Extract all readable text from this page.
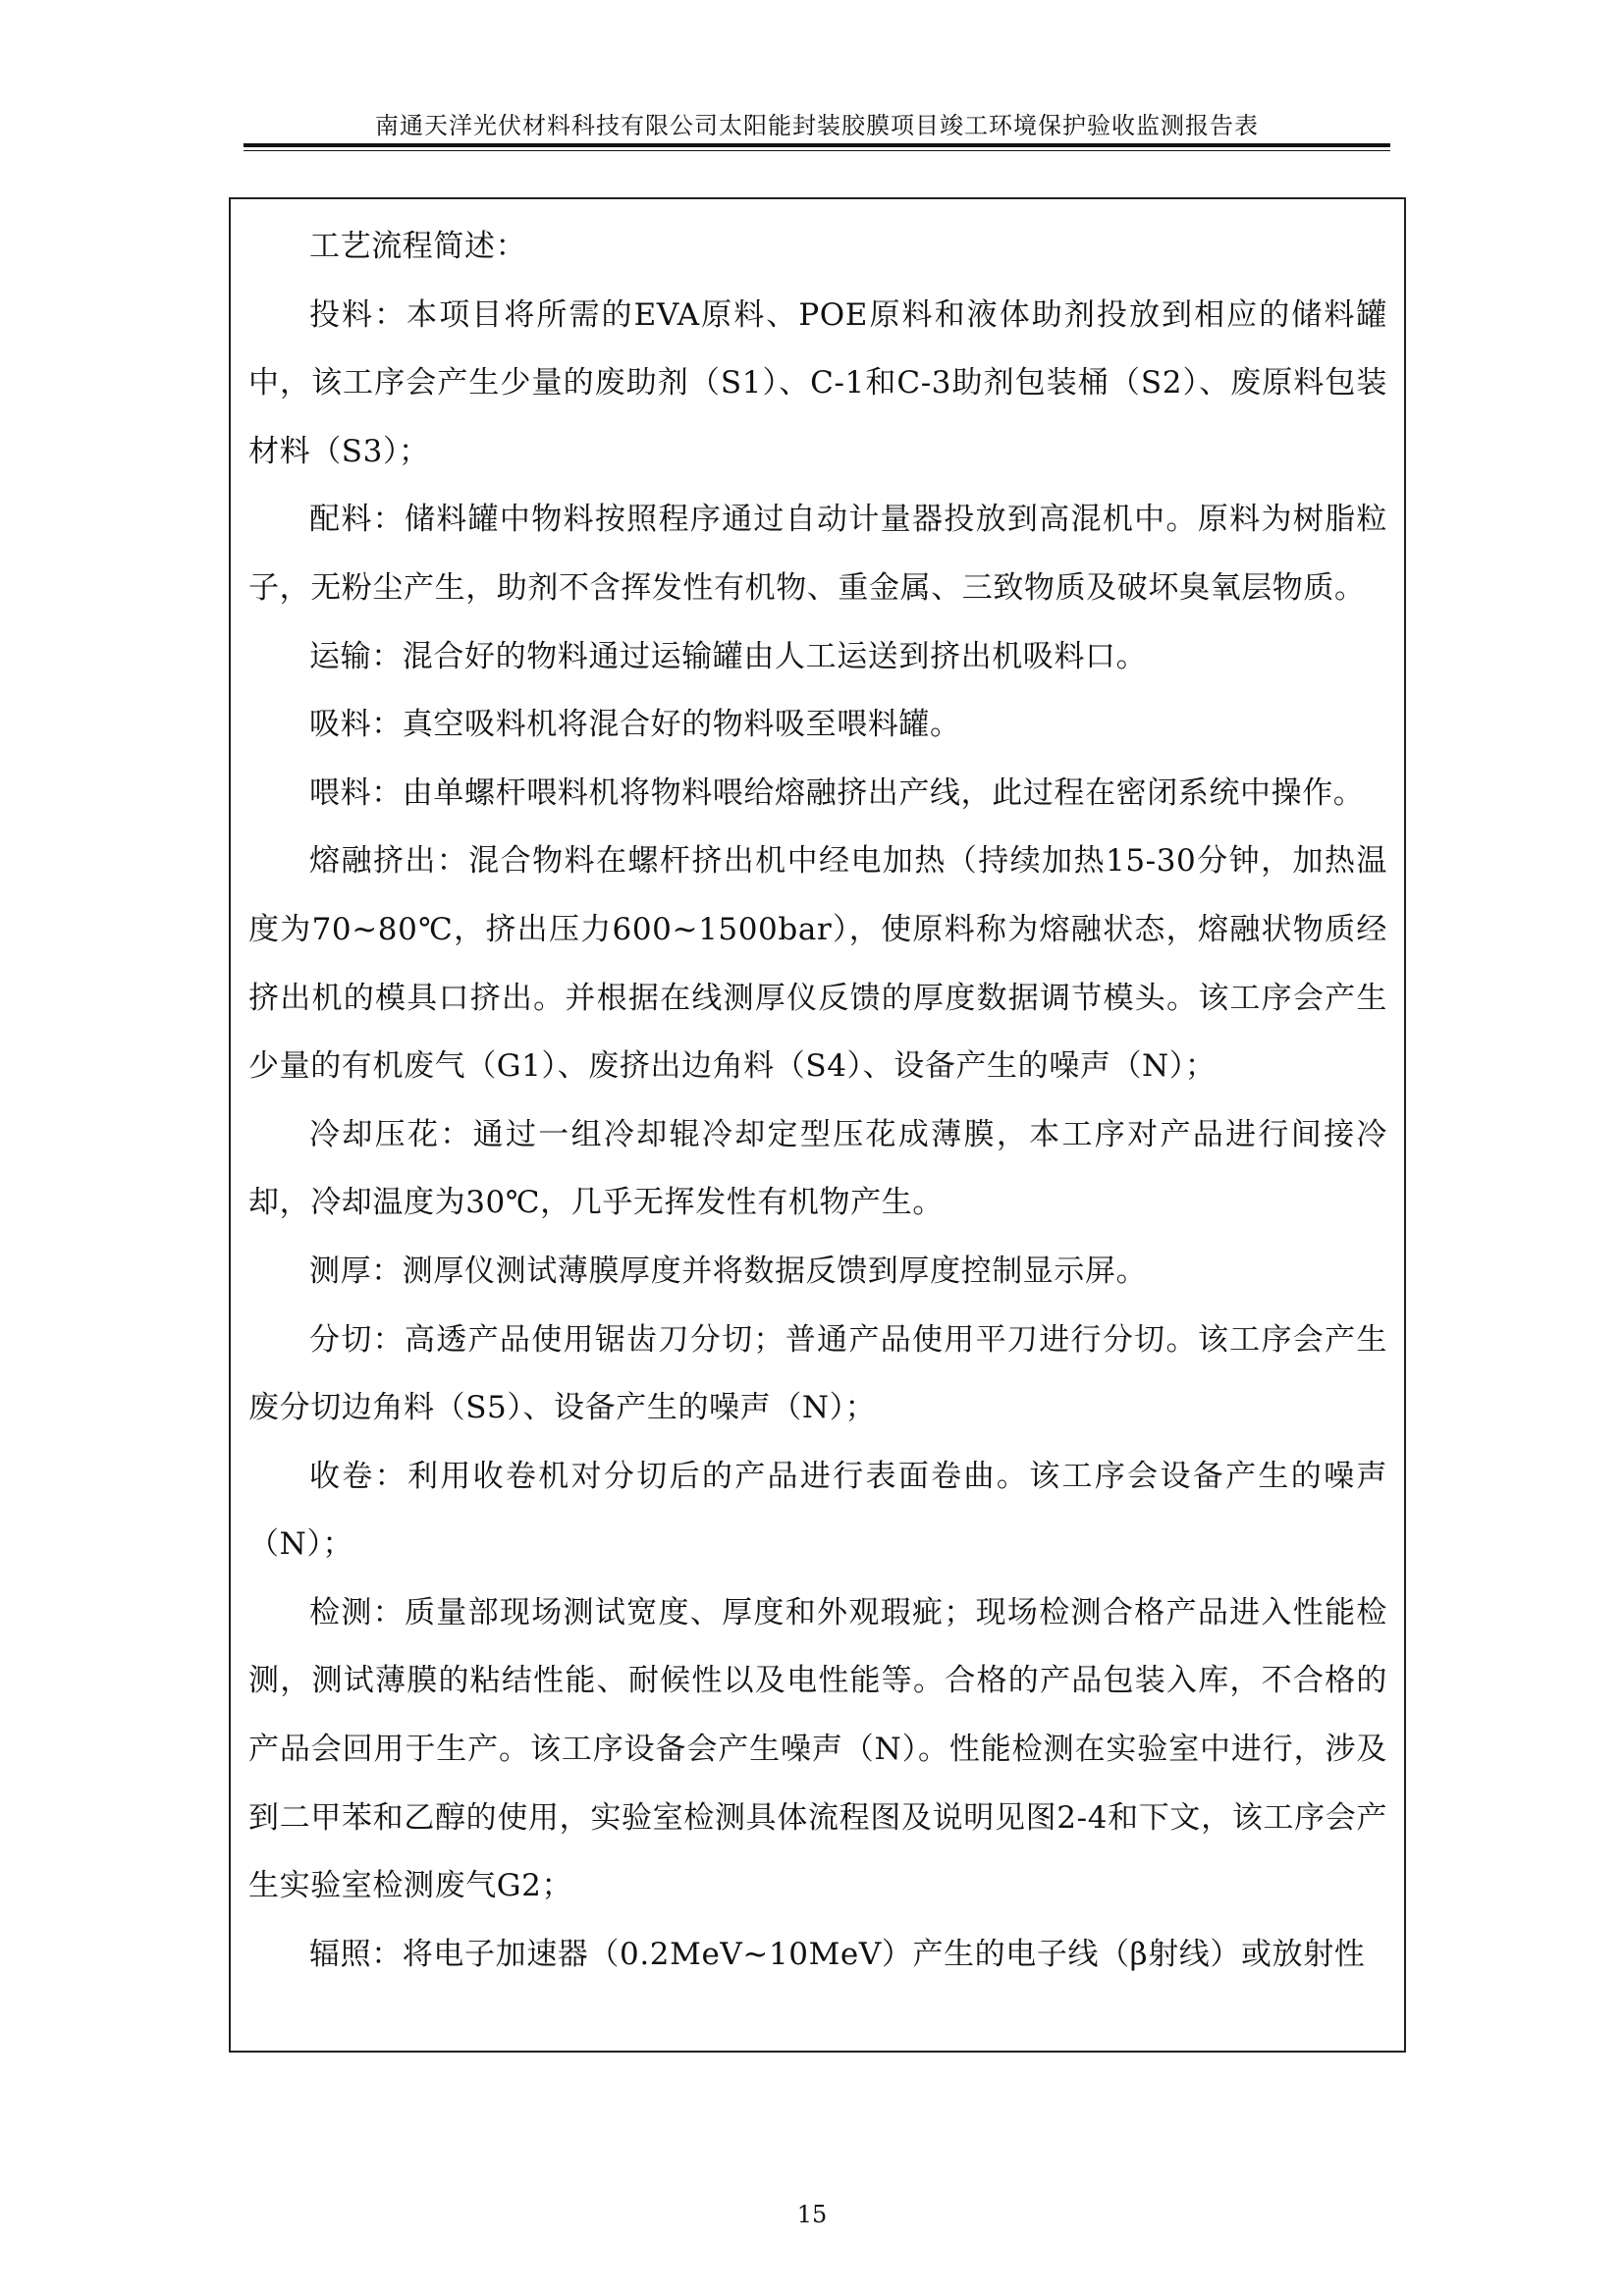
南通天洋光伏材料科技有限公司太阳能封装胶膜项目竣工环境保护验收监测报告表

工艺流程简述：

投料：本项目将所需的EVA原料、POE原料和液体助剂投放到相应的储料罐中，该工序会产生少量的废助剂（S1）、C-1和C-3助剂包装桶（S2）、废原料包装材料（S3）；

配料：储料罐中物料按照程序通过自动计量器投放到高混机中。原料为树脂粒子，无粉尘产生，助剂不含挥发性有机物、重金属、三致物质及破坏臭氧层物质。

运输：混合好的物料通过运输罐由人工运送到挤出机吸料口。

吸料：真空吸料机将混合好的物料吸至喂料罐。

喂料：由单螺杆喂料机将物料喂给熔融挤出产线，此过程在密闭系统中操作。

熔融挤出：混合物料在螺杆挤出机中经电加热（持续加热15-30分钟，加热温度为70~80℃，挤出压力600~1500bar），使原料称为熔融状态，熔融状物质经挤出机的模具口挤出。并根据在线测厚仪反馈的厚度数据调节模头。该工序会产生少量的有机废气（G1）、废挤出边角料（S4）、设备产生的噪声（N）；

冷却压花：通过一组冷却辊冷却定型压花成薄膜，本工序对产品进行间接冷却，冷却温度为30℃，几乎无挥发性有机物产生。

测厚：测厚仪测试薄膜厚度并将数据反馈到厚度控制显示屏。

分切：高透产品使用锯齿刀分切；普通产品使用平刀进行分切。该工序会产生废分切边角料（S5）、设备产生的噪声（N）；

收卷：利用收卷机对分切后的产品进行表面卷曲。该工序会设备产生的噪声（N）；

检测：质量部现场测试宽度、厚度和外观瑕疵；现场检测合格产品进入性能检测，测试薄膜的粘结性能、耐候性以及电性能等。合格的产品包装入库，不合格的产品会回用于生产。该工序设备会产生噪声（N）。性能检测在实验室中进行，涉及到二甲苯和乙醇的使用，实验室检测具体流程图及说明见图2-4和下文，该工序会产生实验室检测废气G2；

辐照：将电子加速器（0.2MeV~10MeV）产生的电子线（β射线）或放射性

15
